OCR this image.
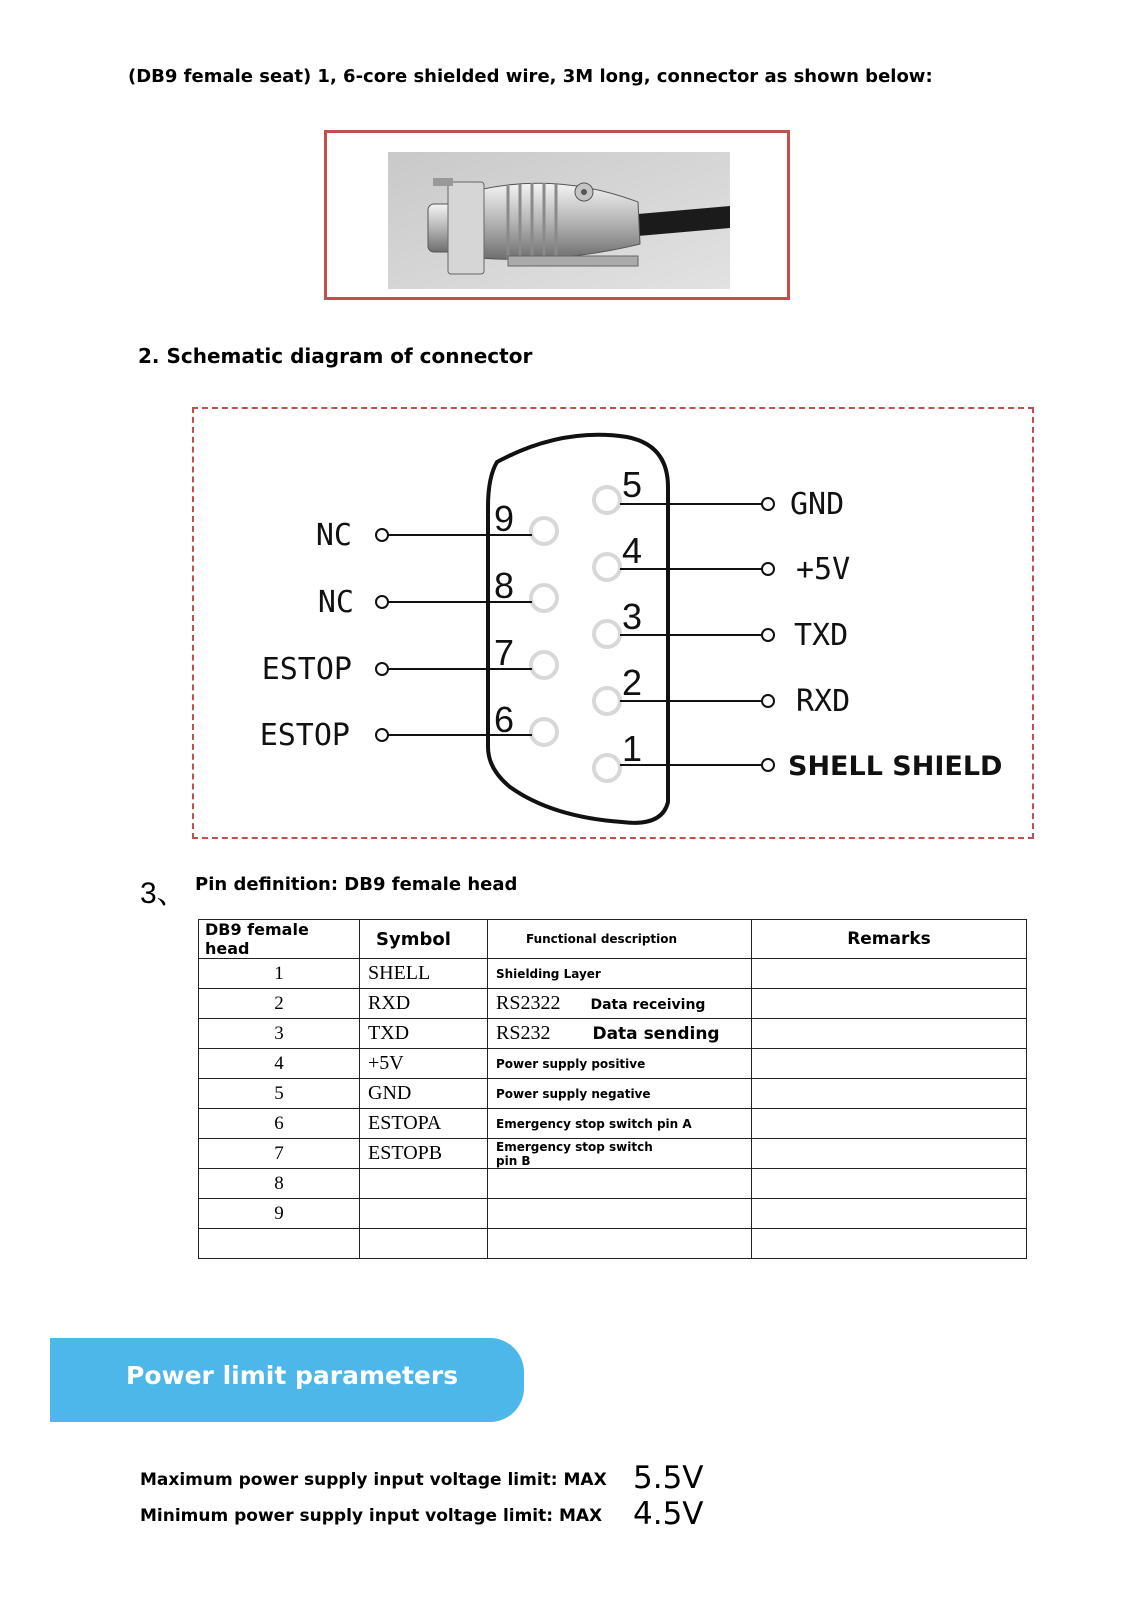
(DB9 female seat) 1, 6-core shielded wire, 3M long, connector as shown below:
2. Schematic diagram of connector
9
8
7
6
5
4
3
2
1
NC
NC
ESTOP
ESTOP
GND
+5V
TXD
RXD
SHELL SHIELD
3、 Pin definition: DB9 female head
DB9 female head	Symbol	Functional description	Remarks
1	SHELL	Shielding Layer	
2	RXD	RS2322 Data receiving	
3	TXD	RS232 Data sending	
4	+5V	Power supply positive	
5	GND	Power supply negative	
6	ESTOPA	Emergency stop switch pin A	
7	ESTOPB	Emergency stop switch pin B	
8			
9			

Power limit parameters
Maximum power supply input voltage limit: MAX 5.5V
Minimum power supply input voltage limit: MAX 4.5V
